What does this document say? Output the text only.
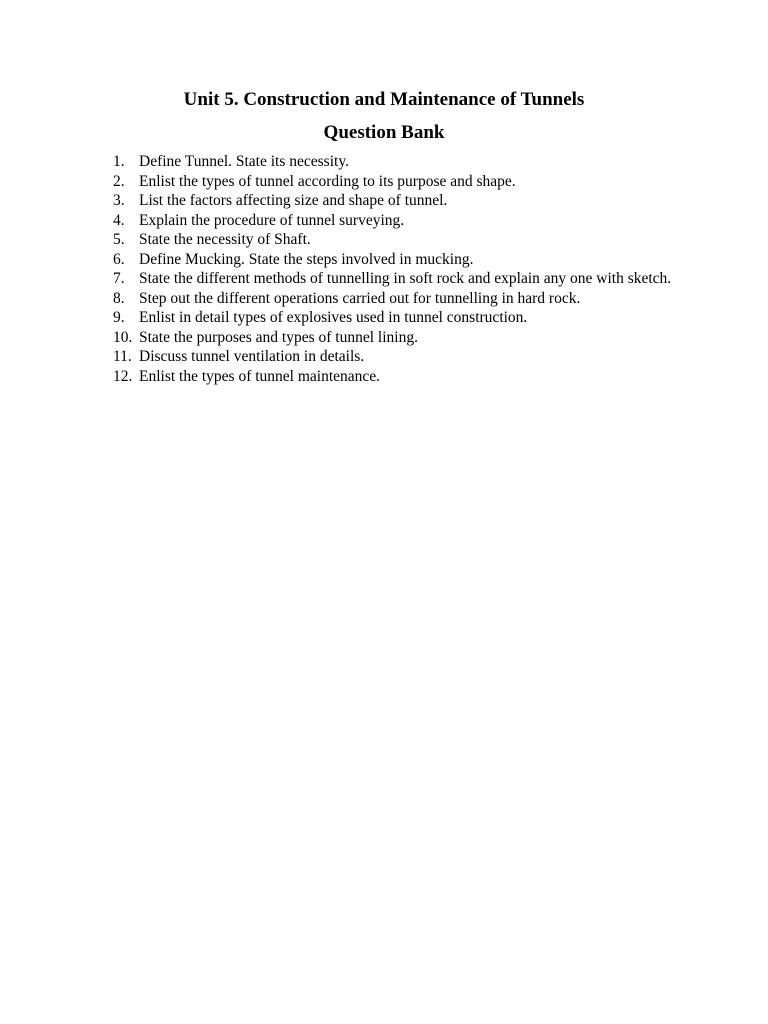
Unit 5. Construction and Maintenance of Tunnels
Question Bank
1. Define Tunnel. State its necessity.
2. Enlist the types of tunnel according to its purpose and shape.
3. List the factors affecting size and shape of tunnel.
4. Explain the procedure of tunnel surveying.
5. State the necessity of Shaft.
6. Define Mucking. State the steps involved in mucking.
7. State the different methods of tunnelling in soft rock and explain any one with sketch.
8. Step out the different operations carried out for tunnelling in hard rock.
9. Enlist in detail types of explosives used in tunnel construction.
10. State the purposes and types of tunnel lining.
11. Discuss tunnel ventilation in details.
12. Enlist the types of tunnel maintenance.
